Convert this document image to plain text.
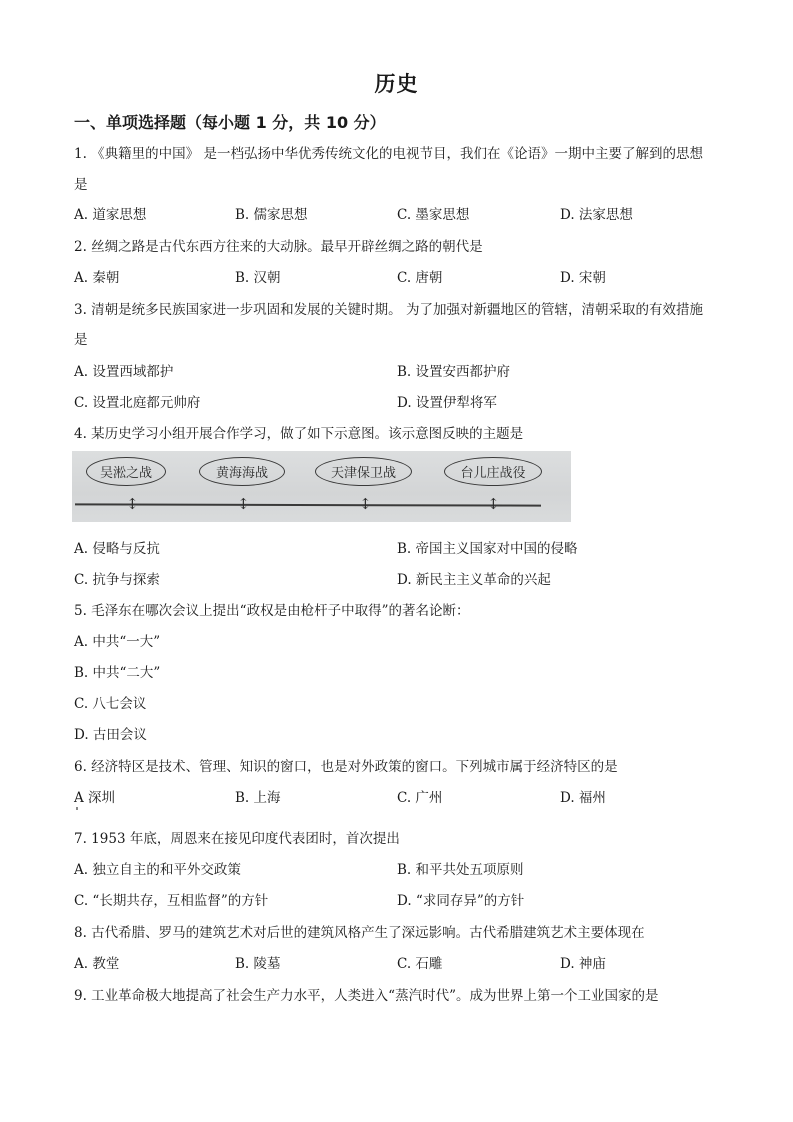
历史
一、单项选择题（每小题 1 分，共 10 分）
1. 《典籍里的中国》 是一档弘扬中华优秀传统文化的电视节目，我们在《论语》一期中主要了解到的思想
是
A. 道家思想	B. 儒家思想	C. 墨家思想	D. 法家思想
2. 丝绸之路是古代东西方往来的大动脉。最早开辟丝绸之路的朝代是
A. 秦朝	B. 汉朝	C. 唐朝	D. 宋朝
3. 清朝是统多民族国家进一步巩固和发展的关键时期。 为了加强对新疆地区的管辖，清朝采取的有效措施
是
A. 设置西域都护	B. 设置安西都护府
C. 设置北庭都元帅府	D. 设置伊犁将军
4. 某历史学习小组开展合作学习，做了如下示意图。该示意图反映的主题是
吴淞之战	黄海海战	天津保卫战	台儿庄战役
↕	↕	↕	↕
A. 侵略与反抗	B. 帝国主义国家对中国的侵略
C. 抗争与探索	D. 新民主主义革命的兴起
5. 毛泽东在哪次会议上提出“政权是由枪杆子中取得”的著名论断：
A. 中共“一大”
B. 中共“二大”
C. 八七会议
D. 古田会议
6. 经济特区是技术、管理、知识的窗口，也是对外政策的窗口。下列城市属于经济特区的是
A 深圳	B. 上海	C. 广州	D. 福州
7. 1953 年底，周恩来在接见印度代表团时，首次提出
A. 独立自主的和平外交政策	B. 和平共处五项原则
C. “长期共存，互相监督”的方针	D. “求同存异”的方针
8. 古代希腊、罗马的建筑艺术对后世的建筑风格产生了深远影响。古代希腊建筑艺术主要体现在
A. 教堂	B. 陵墓	C. 石雕	D. 神庙
9. 工业革命极大地提高了社会生产力水平，人类进入“蒸汽时代”。成为世界上第一个工业国家的是
